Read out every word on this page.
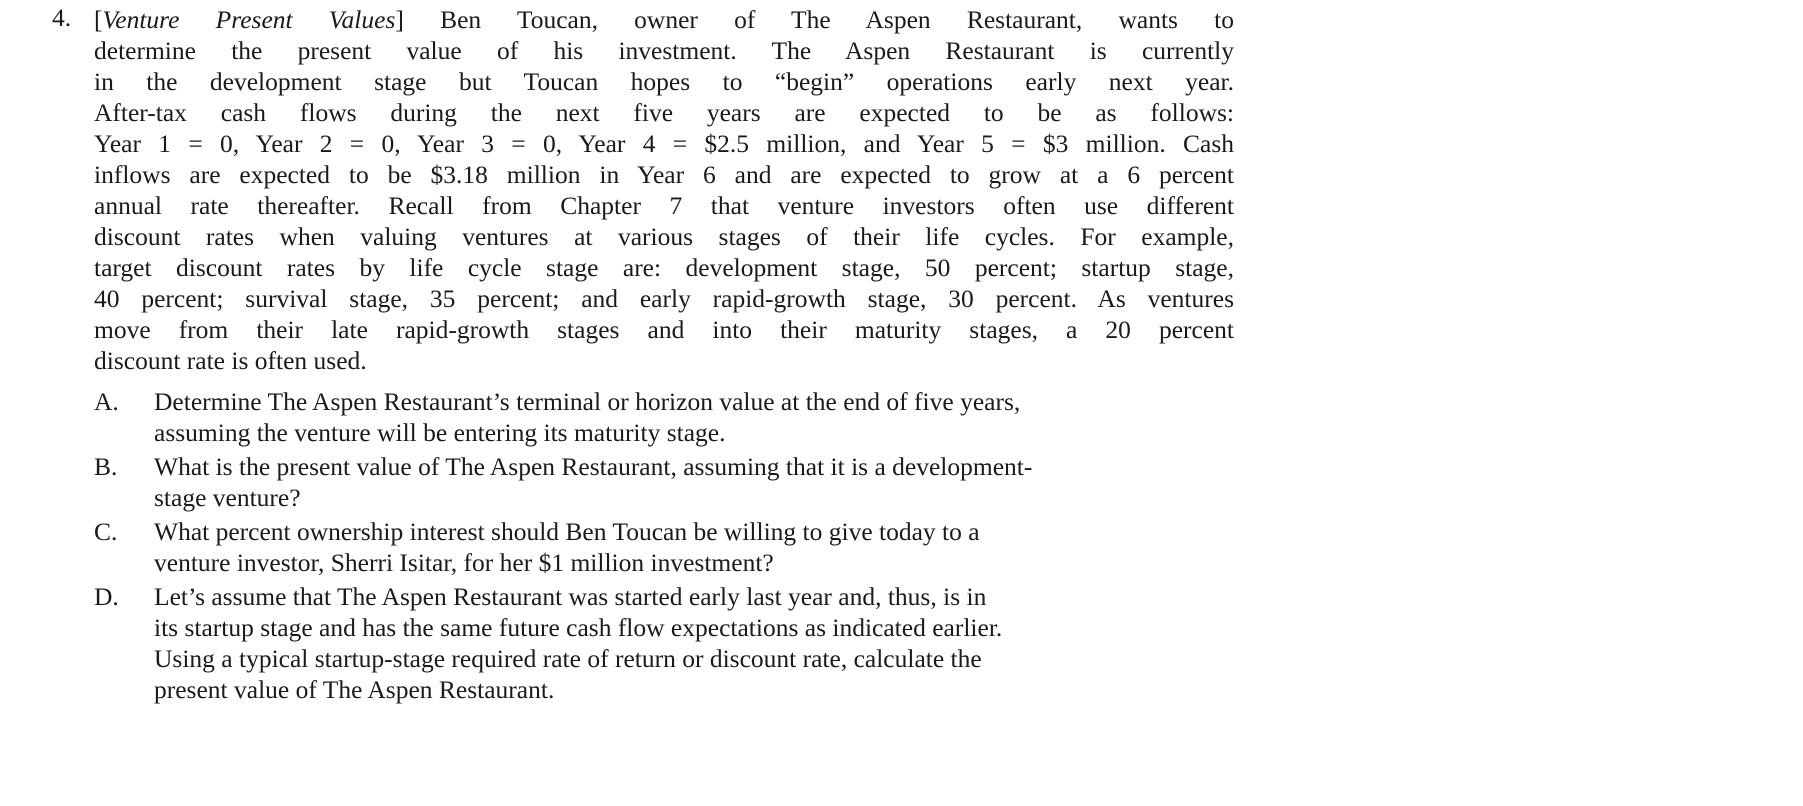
4. [Venture Present Values] Ben Toucan, owner of The Aspen Restaurant, wants to
determine the present value of his investment. The Aspen Restaurant is currently
in the development stage but Toucan hopes to “begin” operations early next year.
After-tax cash flows during the next five years are expected to be as follows:
Year 1 = 0, Year 2 = 0, Year 3 = 0, Year 4 = $2.5 million, and Year 5 = $3 million. Cash
inflows are expected to be $3.18 million in Year 6 and are expected to grow at a 6 percent
annual rate thereafter. Recall from Chapter 7 that venture investors often use different
discount rates when valuing ventures at various stages of their life cycles. For example,
target discount rates by life cycle stage are: development stage, 50 percent; startup stage,
40 percent; survival stage, 35 percent; and early rapid-growth stage, 30 percent. As ventures
move from their late rapid-growth stages and into their maturity stages, a 20 percent
discount rate is often used.
A. Determine The Aspen Restaurant’s terminal or horizon value at the end of five years,
assuming the venture will be entering its maturity stage.
B. What is the present value of The Aspen Restaurant, assuming that it is a development-
stage venture?
C. What percent ownership interest should Ben Toucan be willing to give today to a
venture investor, Sherri Isitar, for her $1 million investment?
D. Let’s assume that The Aspen Restaurant was started early last year and, thus, is in
its startup stage and has the same future cash flow expectations as indicated earlier.
Using a typical startup-stage required rate of return or discount rate, calculate the
present value of The Aspen Restaurant.
